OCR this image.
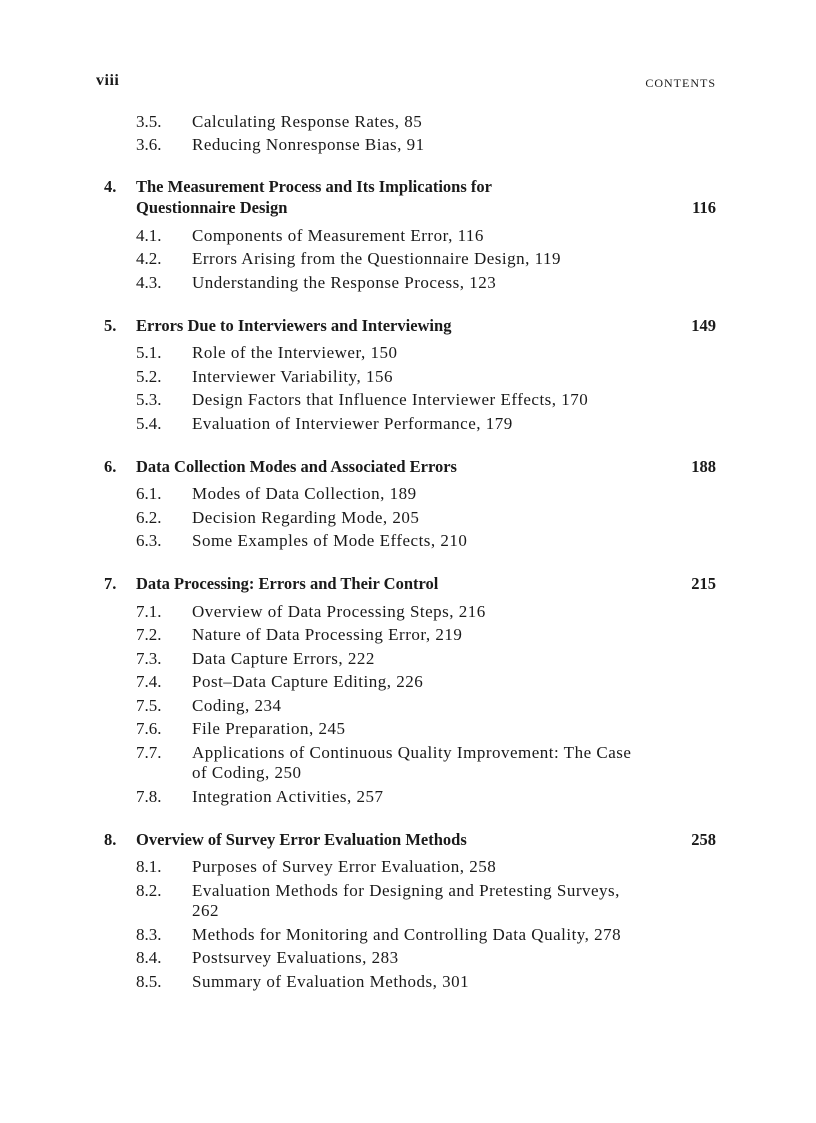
viii	CONTENTS
3.5. Calculating Response Rates, 85
3.6. Reducing Nonresponse Bias, 91
4. The Measurement Process and Its Implications for Questionnaire Design	116
4.1. Components of Measurement Error, 116
4.2. Errors Arising from the Questionnaire Design, 119
4.3. Understanding the Response Process, 123
5. Errors Due to Interviewers and Interviewing	149
5.1. Role of the Interviewer, 150
5.2. Interviewer Variability, 156
5.3. Design Factors that Influence Interviewer Effects, 170
5.4. Evaluation of Interviewer Performance, 179
6. Data Collection Modes and Associated Errors	188
6.1. Modes of Data Collection, 189
6.2. Decision Regarding Mode, 205
6.3. Some Examples of Mode Effects, 210
7. Data Processing: Errors and Their Control	215
7.1. Overview of Data Processing Steps, 216
7.2. Nature of Data Processing Error, 219
7.3. Data Capture Errors, 222
7.4. Post–Data Capture Editing, 226
7.5. Coding, 234
7.6. File Preparation, 245
7.7. Applications of Continuous Quality Improvement: The Case of Coding, 250
7.8. Integration Activities, 257
8. Overview of Survey Error Evaluation Methods	258
8.1. Purposes of Survey Error Evaluation, 258
8.2. Evaluation Methods for Designing and Pretesting Surveys, 262
8.3. Methods for Monitoring and Controlling Data Quality, 278
8.4. Postsurvey Evaluations, 283
8.5. Summary of Evaluation Methods, 301
